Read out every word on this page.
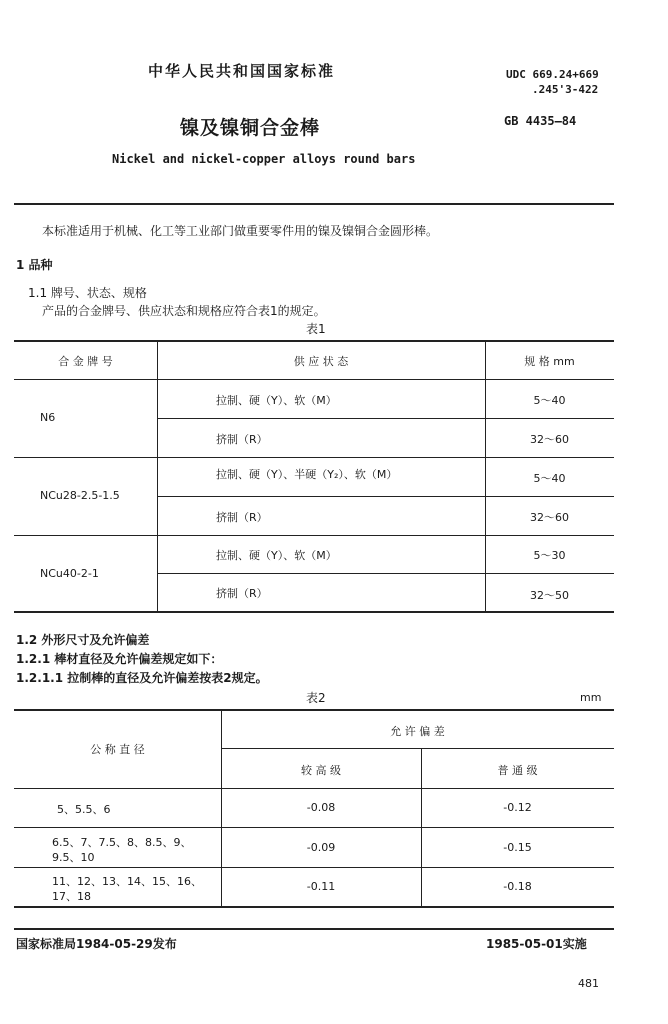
中华人民共和国国家标准	UDC 669.24+669
.245'3-422
镍及镍铜合金棒	GB 4435—84
Nickel and nickel-copper alloys round bars
本标准适用于机械、化工等工业部门做重要零件用的镍及镍铜合金圆形棒。
1 品种
1.1 牌号、状态、规格
产品的合金牌号、供应状态和规格应符合表1的规定。
表1
合 金 牌 号	供 应 状 态	规 格 mm
N6
拉制、硬（Y）、软（M）	5～40
挤制（R）	32～60
NCu28-2.5-1.5
拉制、硬（Y）、半硬（Y₂）、软（M）	5～40
挤制（R）	32～60
NCu40-2-1
拉制、硬（Y）、软（M）	5～30
挤制（R）	32～50
1.2 外形尺寸及允许偏差
1.2.1 棒材直径及允许偏差规定如下：
1.2.1.1 拉制棒的直径及允许偏差按表2规定。
表2	mm
公 称 直 径
允 许 偏 差
较 高 级	普 通 级
5、5.5、6	-0.08	-0.12
6.5、7、7.5、8、8.5、9、
9.5、10
-0.09	-0.15
11、12、13、14、15、16、
17、18
-0.11	-0.18
国家标准局1984-05-29发布	1985-05-01实施
481
